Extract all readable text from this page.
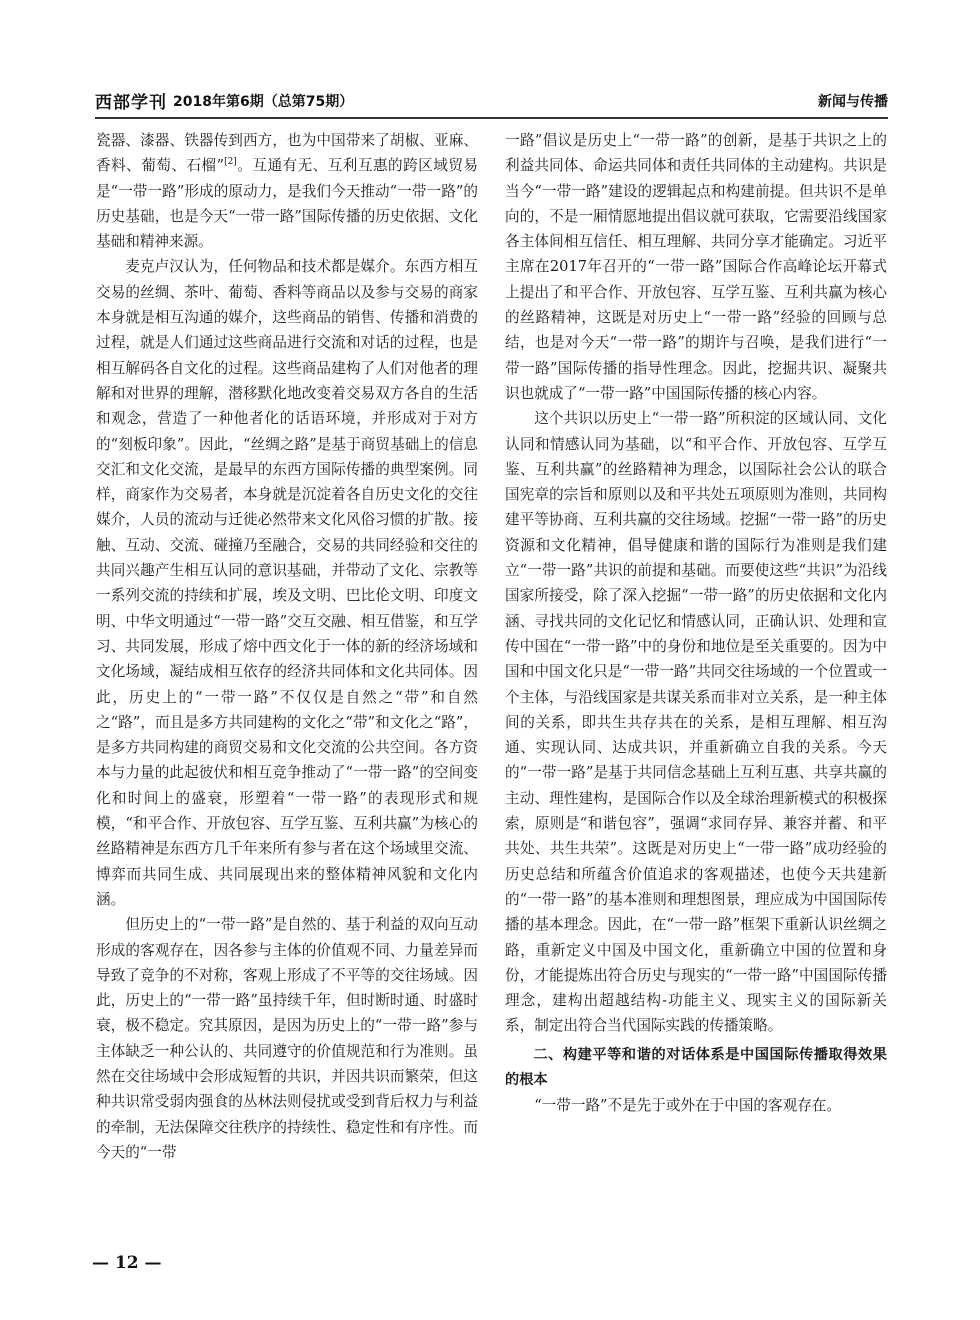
西部学刊 2018年第6期（总第75期）	新闻与传播

瓷器、漆器、铁器传到西方，也为中国带来了胡椒、亚麻、香料、葡萄、石榴”[2]。互通有无、互利互惠的跨区域贸易是“一带一路”形成的原动力，是我们今天推动“一带一路”的历史基础，也是今天“一带一路”国际传播的历史依据、文化基础和精神来源。

麦克卢汉认为，任何物品和技术都是媒介。东西方相互交易的丝绸、茶叶、葡萄、香料等商品以及参与交易的商家本身就是相互沟通的媒介，这些商品的销售、传播和消费的过程，就是人们通过这些商品进行交流和对话的过程，也是相互解码各自文化的过程。这些商品建构了人们对他者的理解和对世界的理解，潜移默化地改变着交易双方各自的生活和观念，营造了一种他者化的话语环境，并形成对于对方的“刻板印象”。因此，“丝绸之路”是基于商贸基础上的信息交汇和文化交流，是最早的东西方国际传播的典型案例。同样，商家作为交易者，本身就是沉淀着各自历史文化的交往媒介，人员的流动与迁徙必然带来文化风俗习惯的扩散。接触、互动、交流、碰撞乃至融合，交易的共同经验和交往的共同兴趣产生相互认同的意识基础，并带动了文化、宗教等一系列交流的持续和扩展，埃及文明、巴比伦文明、印度文明、中华文明通过“一带一路”交互交融、相互借鉴，和互学习、共同发展，形成了熔中西文化于一体的新的经济场域和文化场域，凝结成相互依存的经济共同体和文化共同体。因此，历史上的“一带一路”不仅仅是自然之“带”和自然之“路”，而且是多方共同建构的文化之“带”和文化之“路”，是多方共同构建的商贸交易和文化交流的公共空间。各方资本与力量的此起彼伏和相互竞争推动了“一带一路”的空间变化和时间上的盛衰，形塑着“一带一路”的表现形式和规模，“和平合作、开放包容、互学互鉴、互利共赢”为核心的丝路精神是东西方几千年来所有参与者在这个场域里交流、博弈而共同生成、共同展现出来的整体精神风貌和文化内涵。

但历史上的“一带一路”是自然的、基于利益的双向互动形成的客观存在，因各参与主体的价值观不同、力量差异而导致了竞争的不对称，客观上形成了不平等的交往场域。因此，历史上的“一带一路”虽持续千年，但时断时通、时盛时衰，极不稳定。究其原因，是因为历史上的“一带一路”参与主体缺乏一种公认的、共同遵守的价值规范和行为准则。虽然在交往场域中会形成短暂的共识，并因共识而繁荣，但这种共识常受弱肉强食的丛林法则侵扰或受到背后权力与利益的牵制，无法保障交往秩序的持续性、稳定性和有序性。而今天的“一带

一路”倡议是历史上“一带一路”的创新，是基于共识之上的利益共同体、命运共同体和责任共同体的主动建构。共识是当今“一带一路”建设的逻辑起点和构建前提。但共识不是单向的，不是一厢情愿地提出倡议就可获取，它需要沿线国家各主体间相互信任、相互理解、共同分享才能确定。习近平主席在2017年召开的“一带一路”国际合作高峰论坛开幕式上提出了和平合作、开放包容、互学互鉴、互利共赢为核心的丝路精神，这既是对历史上“一带一路”经验的回顾与总结，也是对今天“一带一路”的期许与召唤，是我们进行“一带一路”国际传播的指导性理念。因此，挖掘共识、凝聚共识也就成了“一带一路”中国国际传播的核心内容。

这个共识以历史上“一带一路”所积淀的区域认同、文化认同和情感认同为基础，以“和平合作、开放包容、互学互鉴、互利共赢”的丝路精神为理念，以国际社会公认的联合国宪章的宗旨和原则以及和平共处五项原则为准则，共同构建平等协商、互利共赢的交往场域。挖掘“一带一路”的历史资源和文化精神，倡导健康和谐的国际行为准则是我们建立“一带一路”共识的前提和基础。而要使这些“共识”为沿线国家所接受，除了深入挖掘“一带一路”的历史依据和文化内涵、寻找共同的文化记忆和情感认同，正确认识、处理和宣传中国在“一带一路”中的身份和地位是至关重要的。因为中国和中国文化只是“一带一路”共同交往场域的一个位置或一个主体，与沿线国家是共谋关系而非对立关系，是一种主体间的关系，即共生共存共在的关系，是相互理解、相互沟通、实现认同、达成共识，并重新确立自我的关系。今天的“一带一路”是基于共同信念基础上互利互惠、共享共赢的主动、理性建构，是国际合作以及全球治理新模式的积极探索，原则是“和谐包容”，强调“求同存异、兼容并蓄、和平共处、共生共荣”。这既是对历史上“一带一路”成功经验的历史总结和所蕴含价值追求的客观描述，也使今天共建新的“一带一路”的基本准则和理想图景，理应成为中国国际传播的基本理念。因此，在“一带一路”框架下重新认识丝绸之路，重新定义中国及中国文化，重新确立中国的位置和身份，才能提炼出符合历史与现实的“一带一路”中国国际传播理念，建构出超越结构-功能主义、现实主义的国际新关系，制定出符合当代国际实践的传播策略。

二、构建平等和谐的对话体系是中国国际传播取得效果的根本

“一带一路”不是先于或外在于中国的客观存在。

— 12 —
